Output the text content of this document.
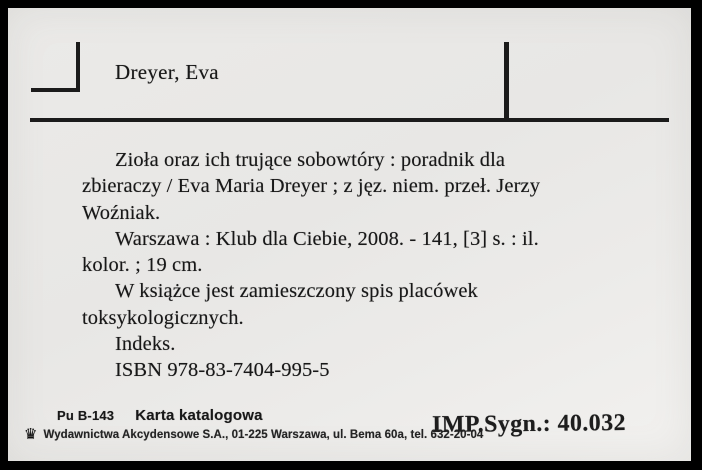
Dreyer, Eva
Zioła oraz ich trujące sobowtóry : poradnik dla
zbieraczy / Eva Maria Dreyer ; z jęz. niem. przeł. Jerzy
Woźniak.
Warszawa : Klub dla Ciebie, 2008. - 141, [3] s. : il.
kolor. ; 19 cm.
W książce jest zamieszczony spis placówek
toksykologicznych.
Indeks.
ISBN 978-83-7404-995-5
Pu B-143 Karta katalogowa
♛ Wydawnictwa Akcydensowe S.A., 01-225 Warszawa, ul. Bema 60a, tel. 632-20-04
IMP.Sygn.: 40.032
